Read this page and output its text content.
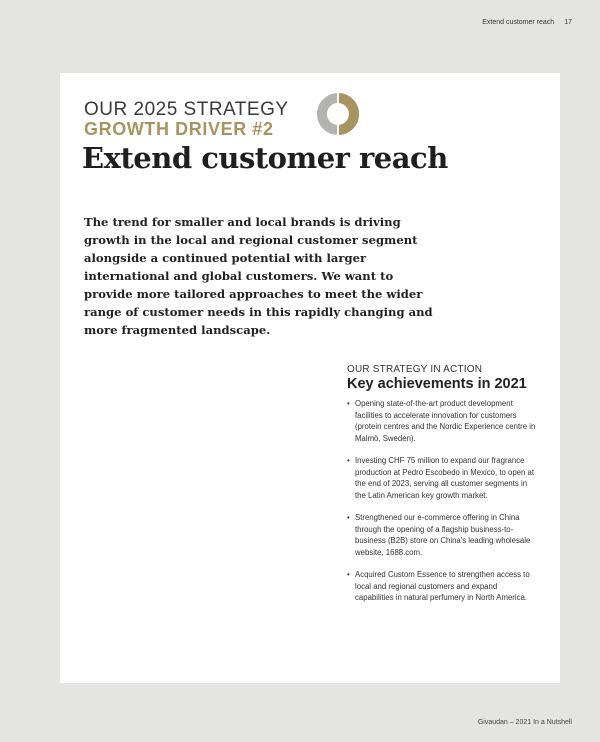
Extend customer reach 17
OUR 2025 STRATEGY
GROWTH DRIVER #2
Extend customer reach
The trend for smaller and local brands is driving growth in the local and regional customer segment alongside a continued potential with larger international and global customers. We want to provide more tailored approaches to meet the wider range of customer needs in this rapidly changing and more fragmented landscape.
OUR STRATEGY IN ACTION
Key achievements in 2021
• Opening state-of-the-art product development facilities to accelerate innovation for customers (protein centres and the Nordic Experience centre in Malmö, Sweden).
• Investing CHF 75 million to expand our fragrance production at Pedro Escobedo in Mexico, to open at the end of 2023, serving all customer segments in the Latin American key growth market.
• Strengthened our e-commerce offering in China through the opening of a flagship business-to-business (B2B) store on China's leading wholesale website, 1688.com.
• Acquired Custom Essence to strengthen access to local and regional customers and expand capabilities in natural perfumery in North America.
Givaudan – 2021 In a Nutshell
